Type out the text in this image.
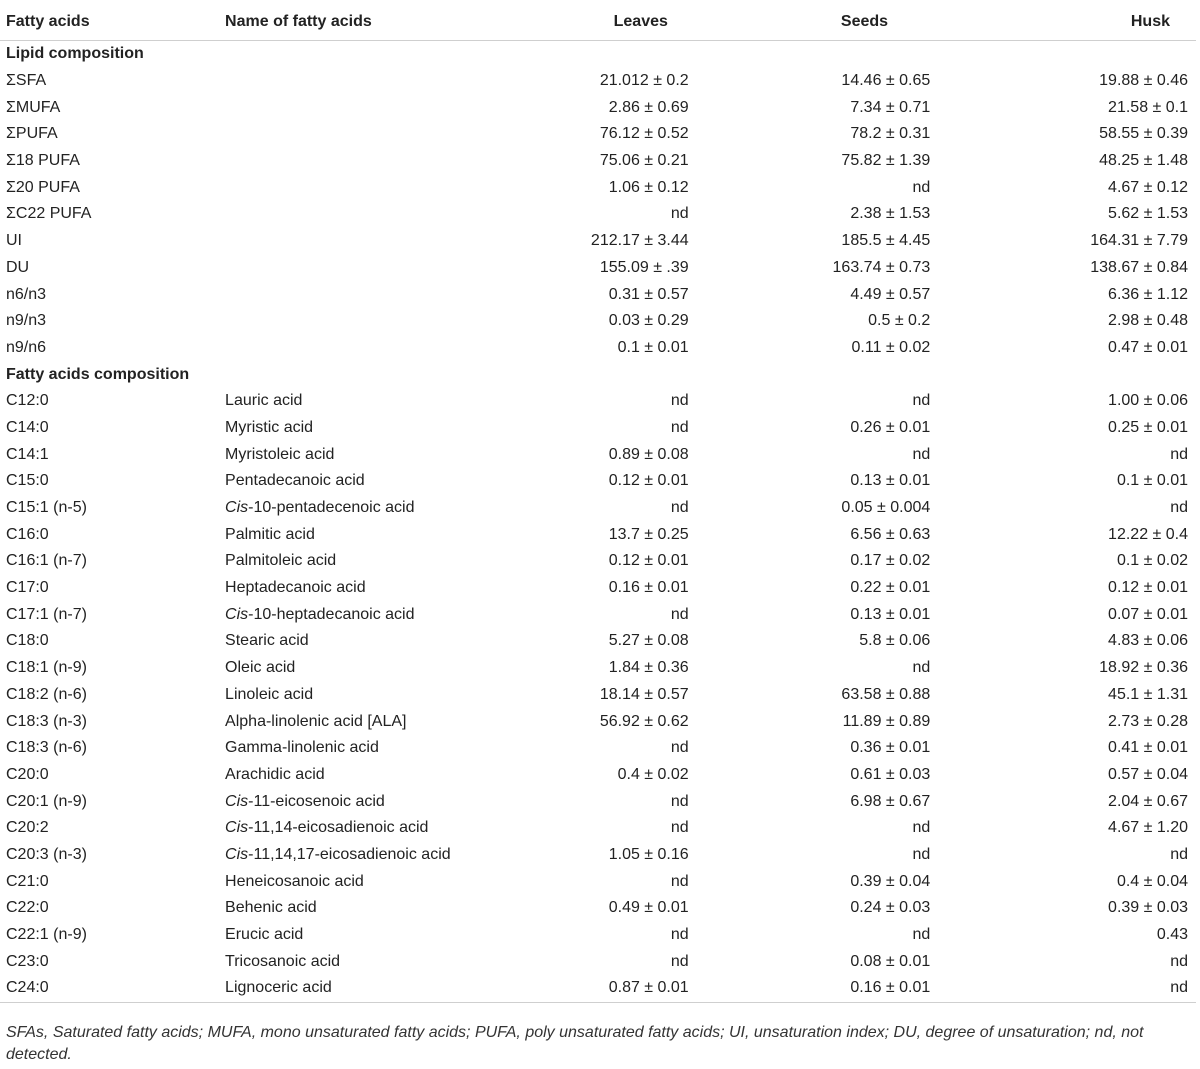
Fatty acids	Name of fatty acids	Leaves	Seeds	Husk
Lipid composition				
ΣSFA		21.012 ± 0.2	14.46 ± 0.65	19.88 ± 0.46
ΣMUFA		2.86 ± 0.69	7.34 ± 0.71	21.58 ± 0.1
ΣPUFA		76.12 ± 0.52	78.2 ± 0.31	58.55 ± 0.39
Σ18 PUFA		75.06 ± 0.21	75.82 ± 1.39	48.25 ± 1.48
Σ20 PUFA		1.06 ± 0.12	nd	4.67 ± 0.12
ΣC22 PUFA		nd	2.38 ± 1.53	5.62 ± 1.53
UI		212.17 ± 3.44	185.5 ± 4.45	164.31 ± 7.79
DU		155.09 ± .39	163.74 ± 0.73	138.67 ± 0.84
n6/n3		0.31 ± 0.57	4.49 ± 0.57	6.36 ± 1.12
n9/n3		0.03 ± 0.29	0.5 ± 0.2	2.98 ± 0.48
n9/n6		0.1 ± 0.01	0.11 ± 0.02	0.47 ± 0.01
Fatty acids composition				
C12:0	Lauric acid	nd	nd	1.00 ± 0.06
C14:0	Myristic acid	nd	0.26 ± 0.01	0.25 ± 0.01
C14:1	Myristoleic acid	0.89 ± 0.08	nd	nd
C15:0	Pentadecanoic acid	0.12 ± 0.01	0.13 ± 0.01	0.1 ± 0.01
C15:1 (n-5)	Cis-10-pentadecenoic acid	nd	0.05 ± 0.004	nd
C16:0	Palmitic acid	13.7 ± 0.25	6.56 ± 0.63	12.22 ± 0.4
C16:1 (n-7)	Palmitoleic acid	0.12 ± 0.01	0.17 ± 0.02	0.1 ± 0.02
C17:0	Heptadecanoic acid	0.16 ± 0.01	0.22 ± 0.01	0.12 ± 0.01
C17:1 (n-7)	Cis-10-heptadecanoic acid	nd	0.13 ± 0.01	0.07 ± 0.01
C18:0	Stearic acid	5.27 ± 0.08	5.8 ± 0.06	4.83 ± 0.06
C18:1 (n-9)	Oleic acid	1.84 ± 0.36	nd	18.92 ± 0.36
C18:2 (n-6)	Linoleic acid	18.14 ± 0.57	63.58 ± 0.88	45.1 ± 1.31
C18:3 (n-3)	Alpha-linolenic acid [ALA]	56.92 ± 0.62	11.89 ± 0.89	2.73 ± 0.28
C18:3 (n-6)	Gamma-linolenic acid	nd	0.36 ± 0.01	0.41 ± 0.01
C20:0	Arachidic acid	0.4 ± 0.02	0.61 ± 0.03	0.57 ± 0.04
C20:1 (n-9)	Cis-11-eicosenoic acid	nd	6.98 ± 0.67	2.04 ± 0.67
C20:2	Cis-11,14-eicosadienoic acid	nd	nd	4.67 ± 1.20
C20:3 (n-3)	Cis-11,14,17-eicosadienoic acid	1.05 ± 0.16	nd	nd
C21:0	Heneicosanoic acid	nd	0.39 ± 0.04	0.4 ± 0.04
C22:0	Behenic acid	0.49 ± 0.01	0.24 ± 0.03	0.39 ± 0.03
C22:1 (n-9)	Erucic acid	nd	nd	0.43
C23:0	Tricosanoic acid	nd	0.08 ± 0.01	nd
C24:0	Lignoceric acid	0.87 ± 0.01	0.16 ± 0.01	nd
SFAs, Saturated fatty acids; MUFA, mono unsaturated fatty acids; PUFA, poly unsaturated fatty acids; UI, unsaturation index; DU, degree of unsaturation; nd, not detected.
